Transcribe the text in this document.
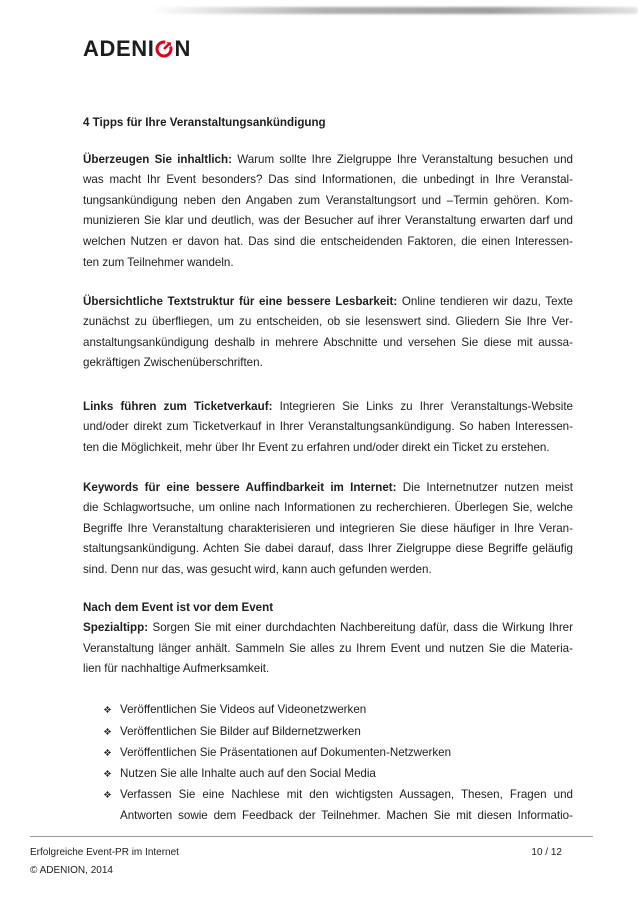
ADENI N
4 Tipps für Ihre Veranstaltungsankündigung
Überzeugen Sie inhaltlich: Warum sollte Ihre Zielgruppe Ihre Veranstaltung besuchen und
was macht Ihr Event besonders? Das sind Informationen, die unbedingt in Ihre Veranstal-
tungsankündigung neben den Angaben zum Veranstaltungsort und –Termin gehören. Kom-
munizieren Sie klar und deutlich, was der Besucher auf ihrer Veranstaltung erwarten darf und
welchen Nutzen er davon hat. Das sind die entscheidenden Faktoren, die einen Interessen-
ten zum Teilnehmer wandeln.
Übersichtliche Textstruktur für eine bessere Lesbarkeit: Online tendieren wir dazu, Texte
zunächst zu überfliegen, um zu entscheiden, ob sie lesenswert sind. Gliedern Sie Ihre Ver-
anstaltungsankündigung deshalb in mehrere Abschnitte und versehen Sie diese mit aussa-
gekräftigen Zwischenüberschriften.
Links führen zum Ticketverkauf: Integrieren Sie Links zu Ihrer Veranstaltungs-Website
und/oder direkt zum Ticketverkauf in Ihrer Veranstaltungsankündigung. So haben Interessen-
ten die Möglichkeit, mehr über Ihr Event zu erfahren und/oder direkt ein Ticket zu erstehen.
Keywords für eine bessere Auffindbarkeit im Internet: Die Internetnutzer nutzen meist
die Schlagwortsuche, um online nach Informationen zu recherchieren. Überlegen Sie, welche
Begriffe Ihre Veranstaltung charakterisieren und integrieren Sie diese häufiger in Ihre Veran-
staltungsankündigung. Achten Sie dabei darauf, dass Ihrer Zielgruppe diese Begriffe geläufig
sind. Denn nur das, was gesucht wird, kann auch gefunden werden.
Nach dem Event ist vor dem Event
Spezialtipp: Sorgen Sie mit einer durchdachten Nachbereitung dafür, dass die Wirkung Ihrer
Veranstaltung länger anhält. Sammeln Sie alles zu Ihrem Event und nutzen Sie die Materia-
lien für nachhaltige Aufmerksamkeit.
Veröffentlichen Sie Videos auf Videonetzwerken
Veröffentlichen Sie Bilder auf Bildernetzwerken
Veröffentlichen Sie Präsentationen auf Dokumenten-Netzwerken
Nutzen Sie alle Inhalte auch auf den Social Media
Verfassen Sie eine Nachlese mit den wichtigsten Aussagen, Thesen, Fragen und
Antworten sowie dem Feedback der Teilnehmer. Machen Sie mit diesen Informatio-
Erfolgreiche Event-PR im Internet	10 / 12
© ADENION, 2014
